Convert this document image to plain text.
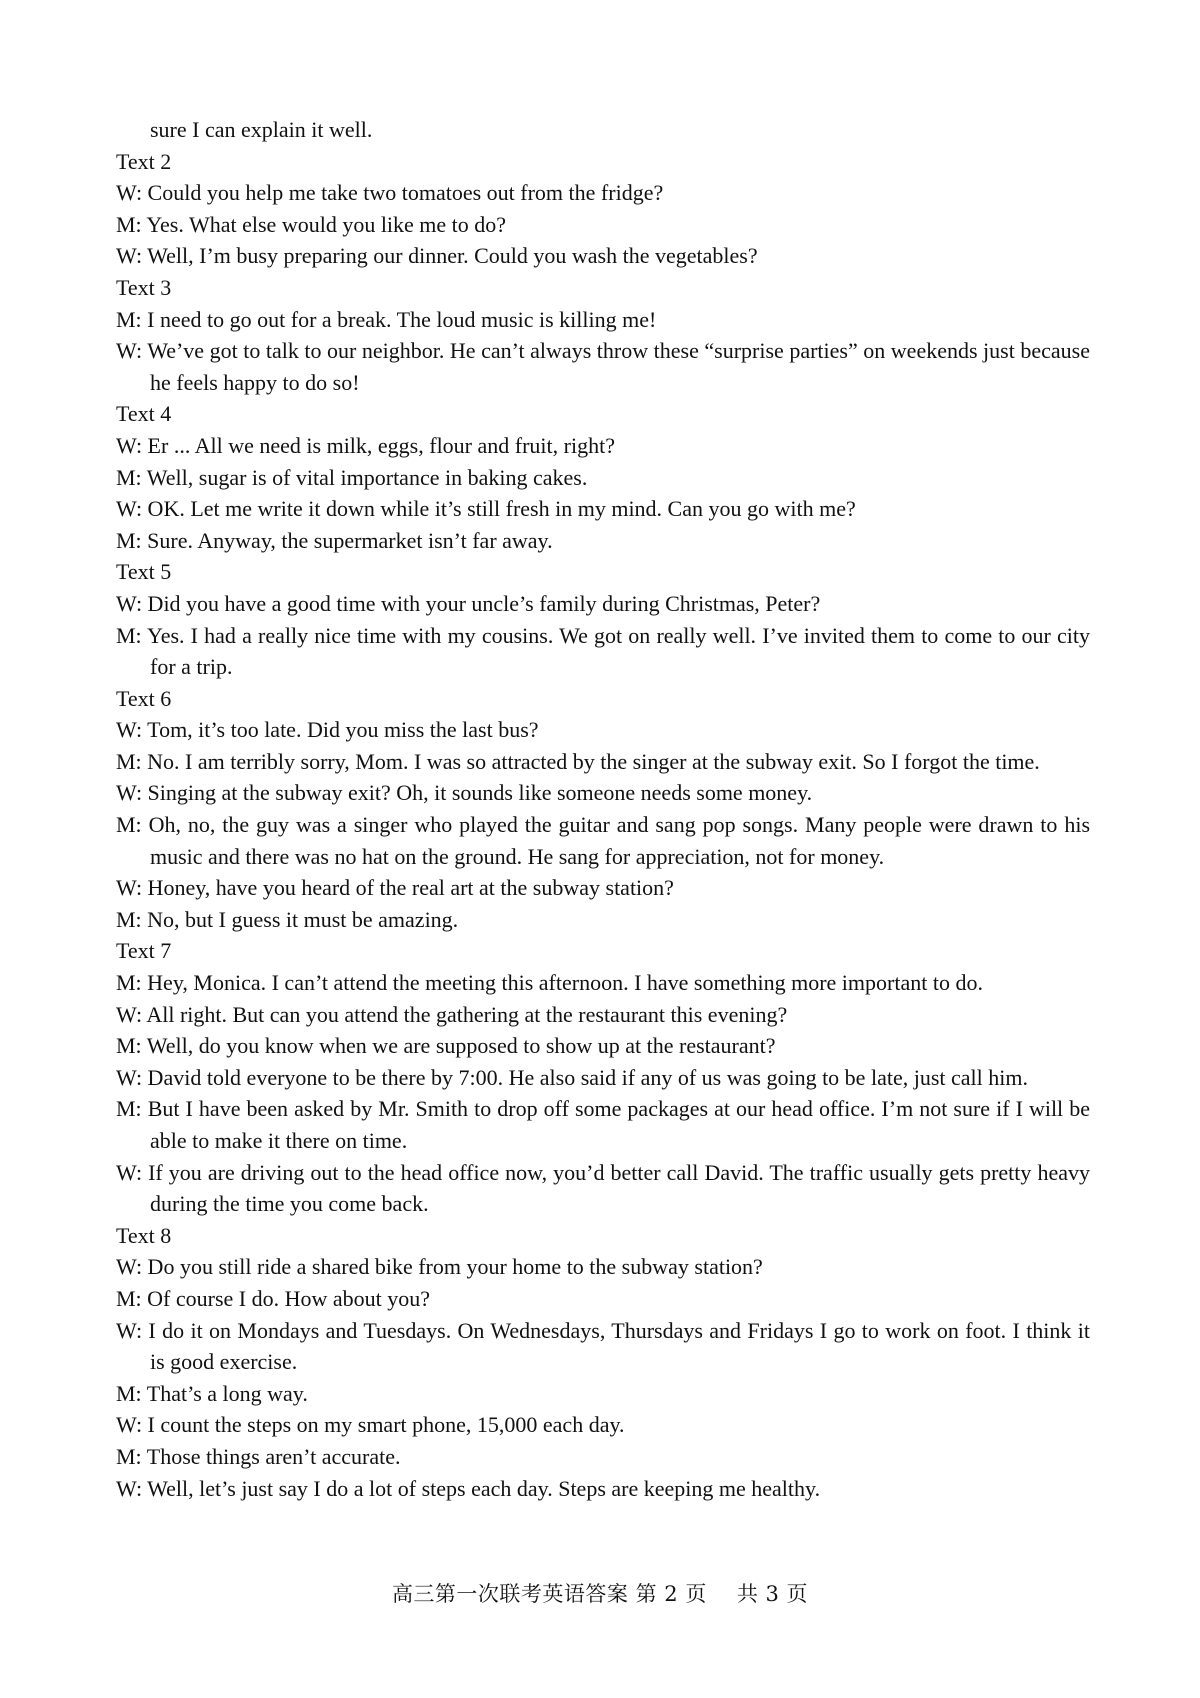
sure I can explain it well.
Text 2
W: Could you help me take two tomatoes out from the fridge?
M: Yes. What else would you like me to do?
W: Well, I’m busy preparing our dinner. Could you wash the vegetables?
Text 3
M: I need to go out for a break. The loud music is killing me!
W: We’ve got to talk to our neighbor. He can’t always throw these “surprise parties” on weekends just because he feels happy to do so!
Text 4
W: Er ... All we need is milk, eggs, flour and fruit, right?
M: Well, sugar is of vital importance in baking cakes.
W: OK. Let me write it down while it’s still fresh in my mind. Can you go with me?
M: Sure. Anyway, the supermarket isn’t far away.
Text 5
W: Did you have a good time with your uncle’s family during Christmas, Peter?
M: Yes. I had a really nice time with my cousins. We got on really well. I’ve invited them to come to our city for a trip.
Text 6
W: Tom, it’s too late. Did you miss the last bus?
M: No. I am terribly sorry, Mom. I was so attracted by the singer at the subway exit. So I forgot the time.
W: Singing at the subway exit? Oh, it sounds like someone needs some money.
M: Oh, no, the guy was a singer who played the guitar and sang pop songs. Many people were drawn to his music and there was no hat on the ground. He sang for appreciation, not for money.
W: Honey, have you heard of the real art at the subway station?
M: No, but I guess it must be amazing.
Text 7
M: Hey, Monica. I can’t attend the meeting this afternoon. I have something more important to do.
W: All right. But can you attend the gathering at the restaurant this evening?
M: Well, do you know when we are supposed to show up at the restaurant?
W: David told everyone to be there by 7:00. He also said if any of us was going to be late, just call him.
M: But I have been asked by Mr. Smith to drop off some packages at our head office. I’m not sure if I will be able to make it there on time.
W: If you are driving out to the head office now, you’d better call David. The traffic usually gets pretty heavy during the time you come back.
Text 8
W: Do you still ride a shared bike from your home to the subway station?
M: Of course I do. How about you?
W: I do it on Mondays and Tuesdays. On Wednesdays, Thursdays and Fridays I go to work on foot. I think it is good exercise.
M: That’s a long way.
W: I count the steps on my smart phone, 15,000 each day.
M: Those things aren’t accurate.
W: Well, let’s just say I do a lot of steps each day. Steps are keeping me healthy.
高三第一次联考英语答案 第 2 页 共 3 页
